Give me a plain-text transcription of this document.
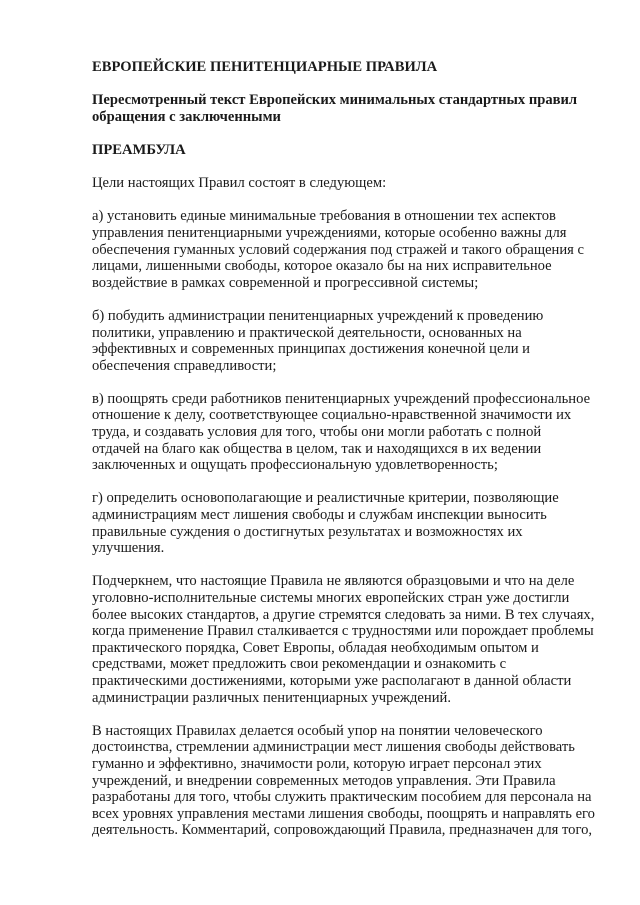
ЕВРОПЕЙСКИЕ ПЕНИТЕНЦИАРНЫЕ ПРАВИЛА
Пересмотренный текст Европейских минимальных стандартных правил
обращения с заключенными
ПРЕАМБУЛА
Цели настоящих Правил состоят в следующем:
а) установить единые минимальные требования в отношении тех аспектов
управления пенитенциарными учреждениями, которые особенно важны для
обеспечения гуманных условий содержания под стражей и такого обращения с
лицами, лишенными свободы, которое оказало бы на них исправительное
воздействие в рамках современной и прогрессивной системы;
б) побудить администрации пенитенциарных учреждений к проведению
политики, управлению и практической деятельности, основанных на
эффективных и современных принципах достижения конечной цели и
обеспечения справедливости;
в) поощрять среди работников пенитенциарных учреждений профессиональное
отношение к делу, соответствующее социально-нравственной значимости их
труда, и создавать условия для того, чтобы они могли работать с полной
отдачей на благо как общества в целом, так и находящихся в их ведении
заключенных и ощущать профессиональную удовлетворенность;
г) определить основополагающие и реалистичные критерии, позволяющие
администрациям мест лишения свободы и службам инспекции выносить
правильные суждения о достигнутых результатах и возможностях их
улучшения.
Подчеркнем, что настоящие Правила не являются образцовыми и что на деле
уголовно-исполнительные системы многих европейских стран уже достигли
более высоких стандартов, а другие стремятся следовать за ними. В тех случаях,
когда применение Правил сталкивается с трудностями или порождает проблемы
практического порядка, Совет Европы, обладая необходимым опытом и
средствами, может предложить свои рекомендации и ознакомить с
практическими достижениями, которыми уже располагают в данной области
администрации различных пенитенциарных учреждений.
В настоящих Правилах делается особый упор на понятии человеческого
достоинства, стремлении администрации мест лишения свободы действовать
гуманно и эффективно, значимости роли, которую играет персонал этих
учреждений, и внедрении современных методов управления. Эти Правила
разработаны для того, чтобы служить практическим пособием для персонала на
всех уровнях управления местами лишения свободы, поощрять и направлять его
деятельность. Комментарий, сопровождающий Правила, предназначен для того,
